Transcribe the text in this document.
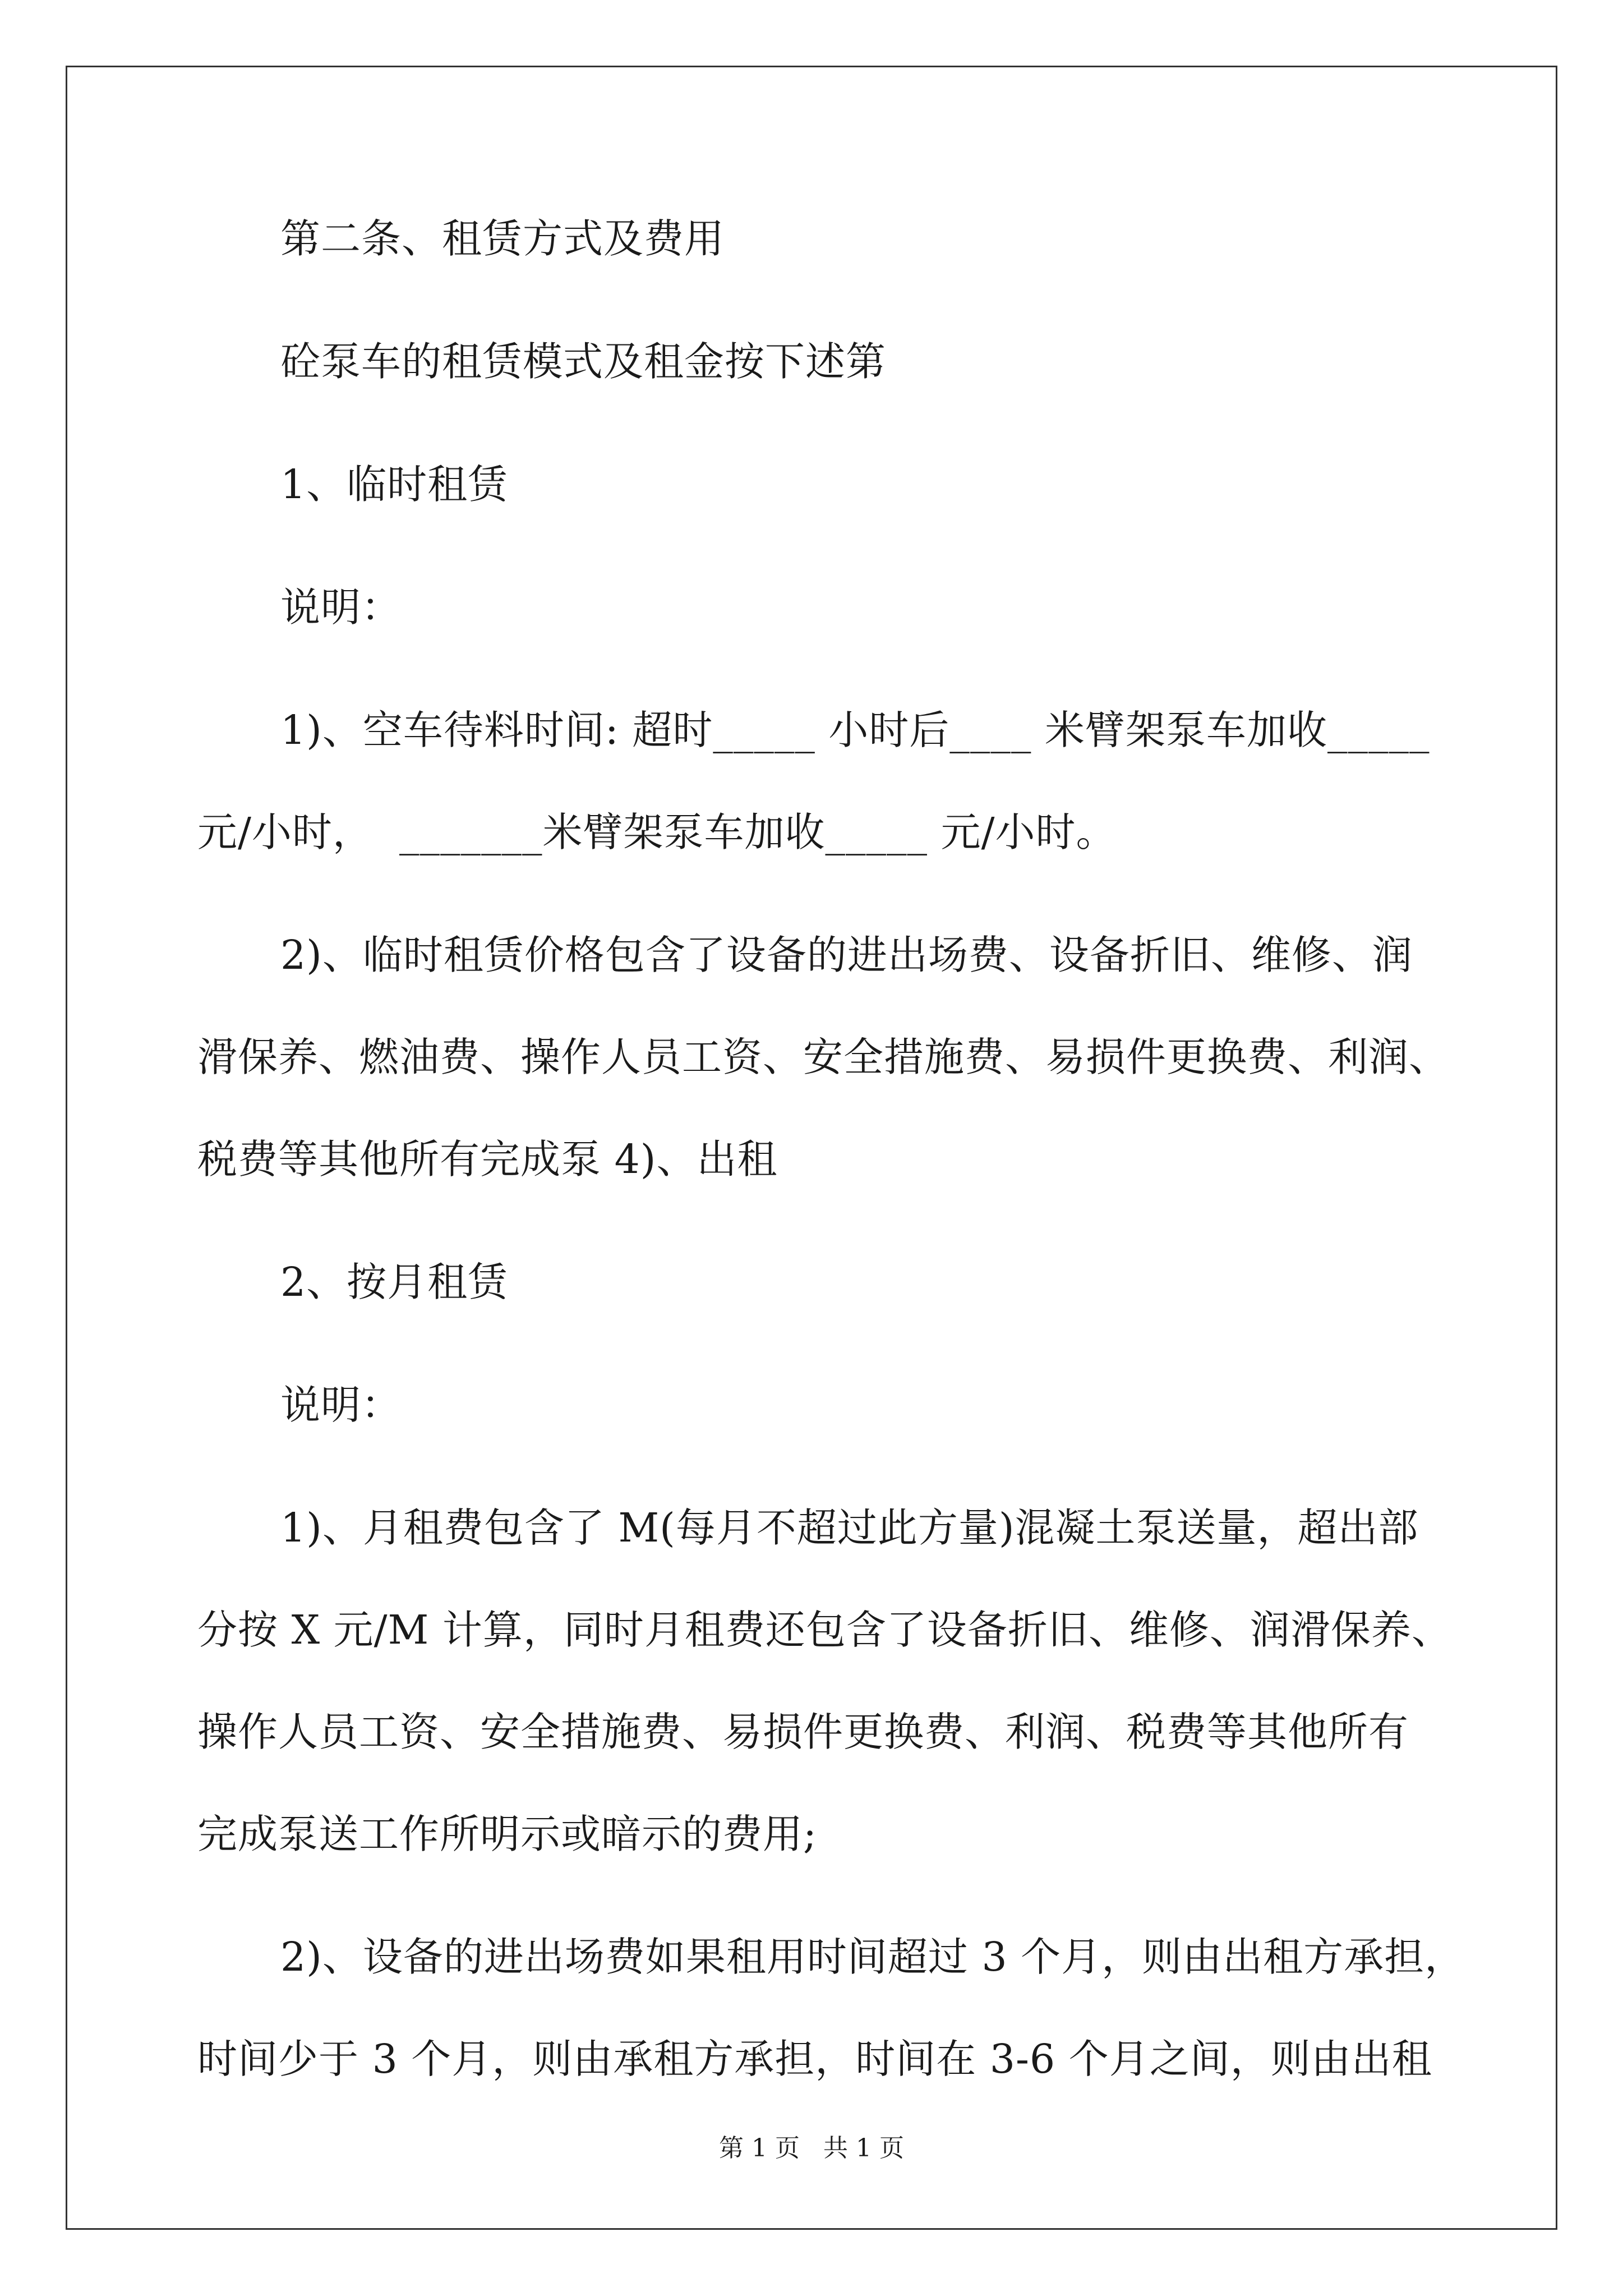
第二条、租赁方式及费用
砼泵车的租赁模式及租金按下述第
1、临时租赁
说明：
1)、空车待料时间: 超时_____ 小时后____ 米臂架泵车加收_____
元/小时，  _______米臂架泵车加收_____ 元/小时。
2)、临时租赁价格包含了设备的进出场费、设备折旧、维修、润
滑保养、燃油费、操作人员工资、安全措施费、易损件更换费、利润、
税费等其他所有完成泵 4)、出租
2、按月租赁
说明：
1)、月租费包含了 M(每月不超过此方量)混凝土泵送量，超出部
分按 X 元/M 计算，同时月租费还包含了设备折旧、维修、润滑保养、
操作人员工资、安全措施费、易损件更换费、利润、税费等其他所有
完成泵送工作所明示或暗示的费用;
2)、设备的进出场费如果租用时间超过 3 个月，则由出租方承担，
时间少于 3 个月，则由承租方承担，时间在 3-6 个月之间，则由出租
第 1 页   共 1 页
